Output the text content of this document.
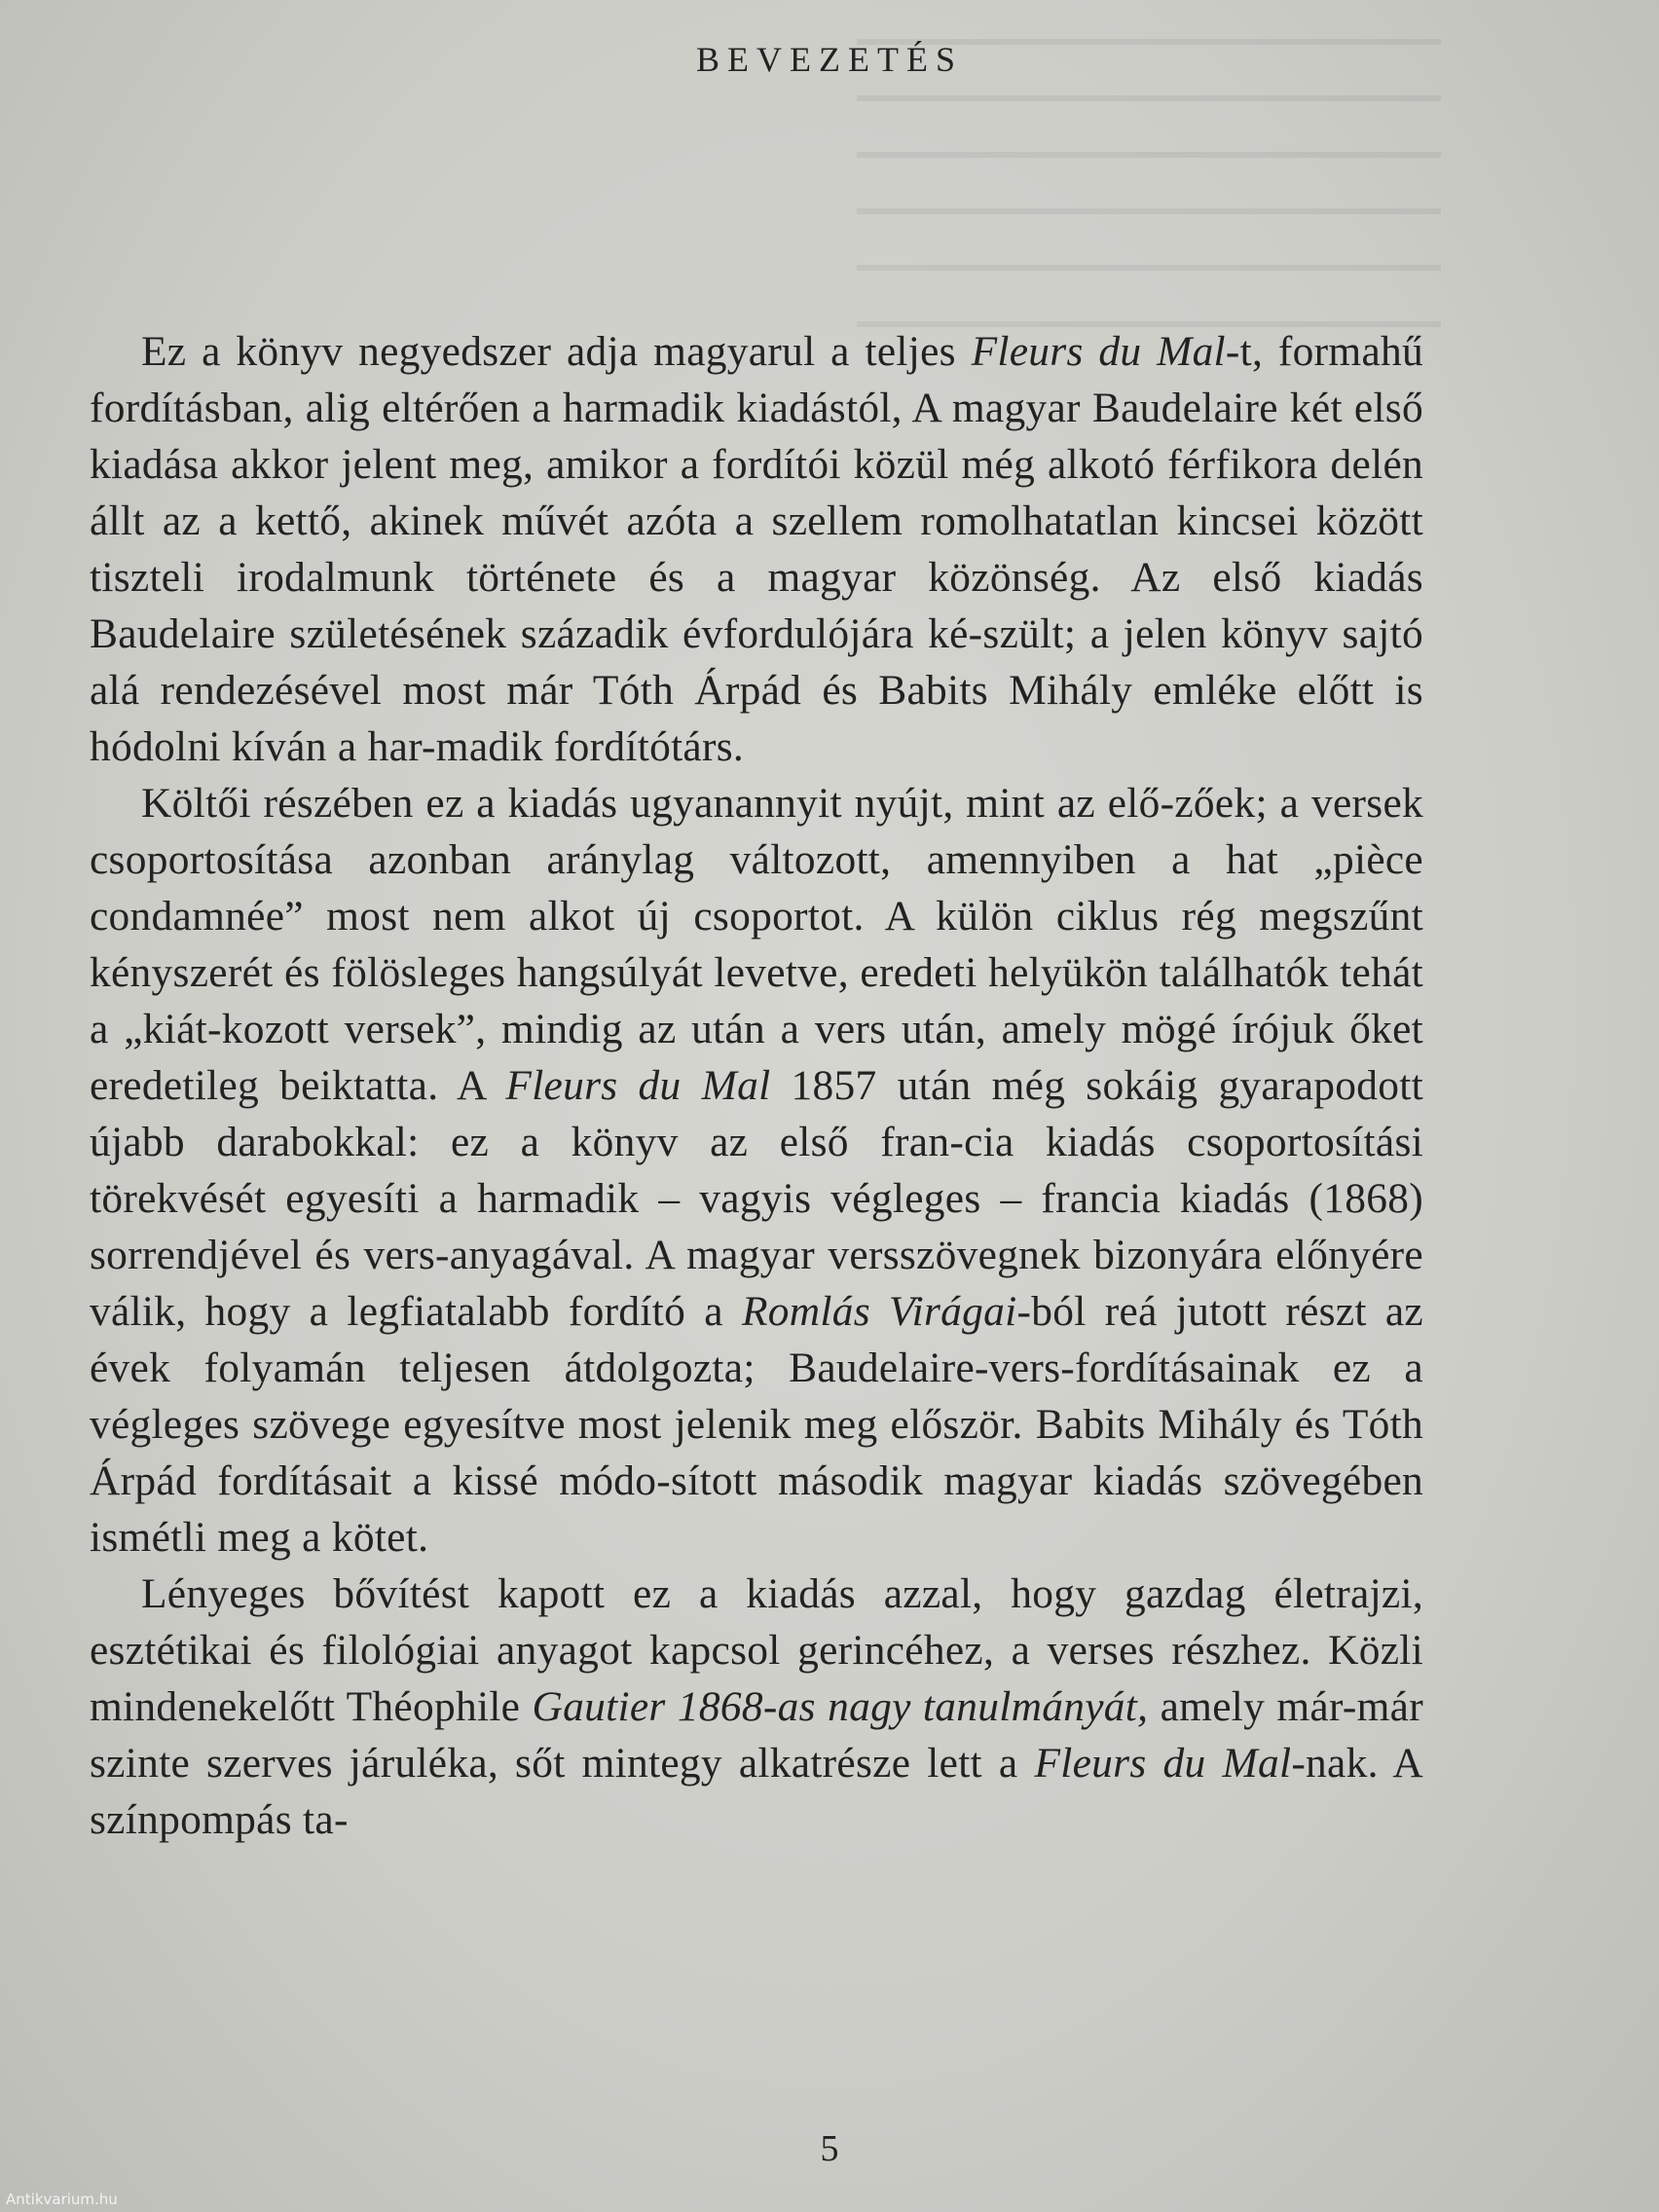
BEVEZETÉS

Ez a könyv negyedszer adja magyarul a teljes Fleurs du Mal-t, formahű fordításban, alig eltérően a harmadik kiadástól, A magyar Baudelaire két első kiadása akkor jelent meg, amikor a fordítói közül még alkotó férfikora delén állt az a kettő, akinek művét azóta a szellem romolhatatlan kincsei között tiszteli irodalmunk története és a magyar közönség. Az első kiadás Baudelaire születésének századik évfordulójára ké-​szült; a jelen könyv sajtó alá rendezésével most már Tóth Árpád és Babits Mihály emléke előtt is hódolni kíván a har-​madik fordítótárs.

Költői részében ez a kiadás ugyanannyit nyújt, mint az elő-​zőek; a versek csoportosítása azonban aránylag változott, amennyiben a hat „pièce condamnée” most nem alkot új csoportot. A külön ciklus rég megszűnt kényszerét és fölösleges hangsúlyát levetve, eredeti helyükön találhatók tehát a „kiát-​kozott versek”, mindig az után a vers után, amely mögé írójuk őket eredetileg beiktatta. A Fleurs du Mal 1857 után még sokáig gyarapodott újabb darabokkal: ez a könyv az első fran-​cia kiadás csoportosítási törekvését egyesíti a harmadik – vagyis végleges – francia kiadás (1868) sorrendjével és vers-​anyagával. A magyar versszövegnek bizonyára előnyére válik, hogy a legfiatalabb fordító a Romlás Virágai-ból reá jutott részt az évek folyamán teljesen átdolgozta; Baudelaire-vers-​fordításainak ez a végleges szövege egyesítve most jelenik meg először. Babits Mihály és Tóth Árpád fordításait a kissé módo-​sított második magyar kiadás szövegében ismétli meg a kötet.

Lényeges bővítést kapott ez a kiadás azzal, hogy gazdag életrajzi, esztétikai és filológiai anyagot kapcsol gerincéhez, a verses részhez. Közli mindenekelőtt Théophile Gautier 1868-as nagy tanulmányát, amely már-már szinte szerves járuléka, sőt mintegy alkatrésze lett a Fleurs du Mal-nak. A színpompás ta-

5
Antikvarium.hu
